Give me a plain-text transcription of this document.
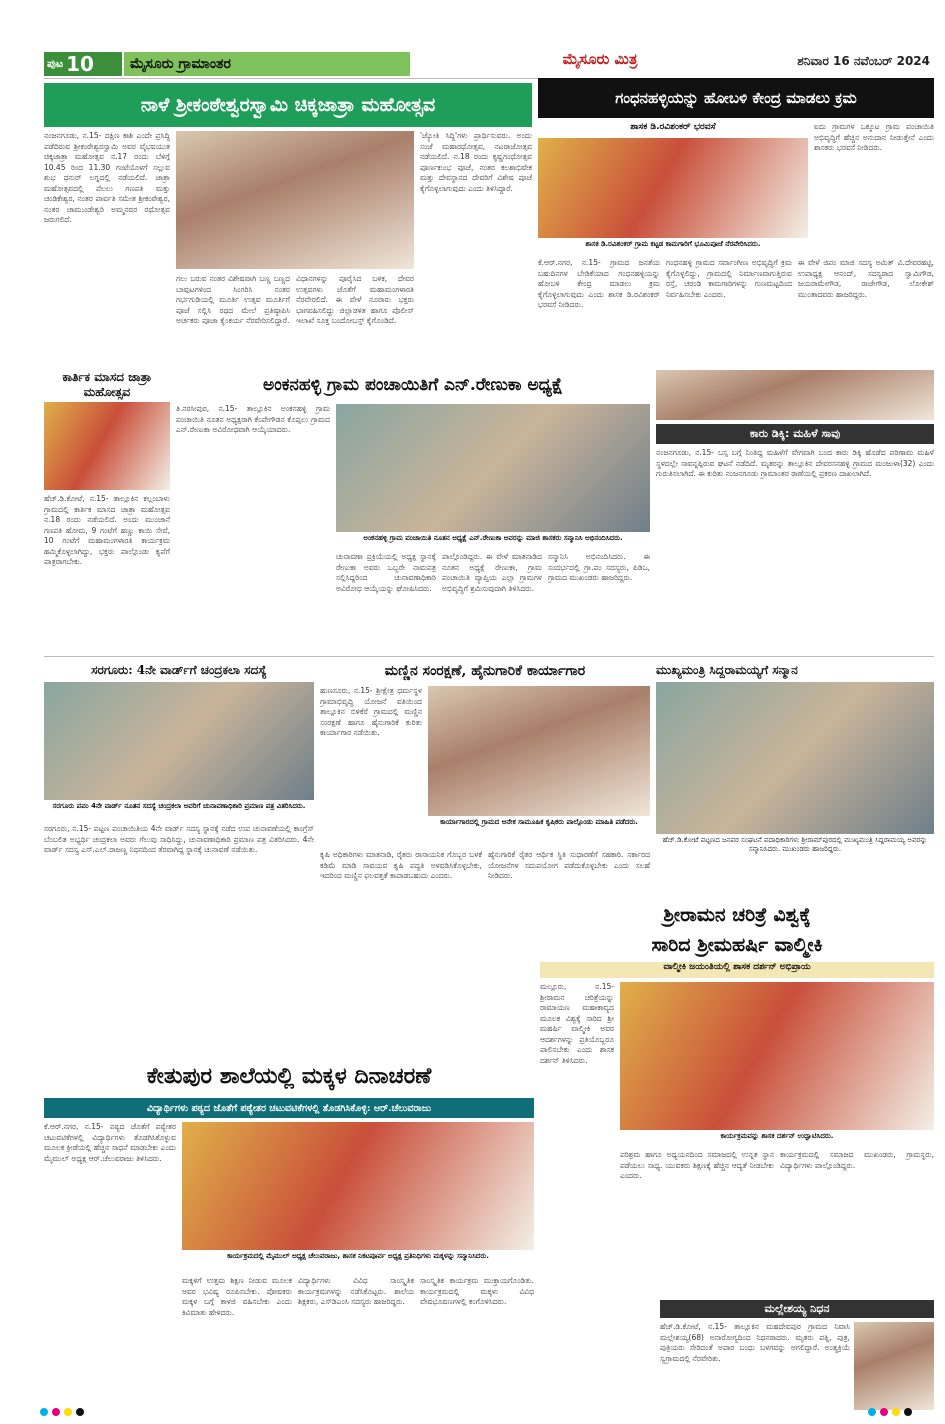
ಪುಟ 10	ಮೈಸೂರು ಗ್ರಾಮಾಂತರ	ಮೈಸೂರು ಮಿತ್ರ	ಶನಿವಾರ 16 ನವೆಂಬರ್ 2024
ನಾಳೆ ಶ್ರೀಕಂಠೇಶ್ವರಸ್ವಾಮಿ ಚಿಕ್ಕಜಾತ್ರಾ ಮಹೋತ್ಸವ
ನಂಜನಗೂಡು, ನ.15- ದಕ್ಷಿಣ ಕಾಶಿ ಎಂದೇ ಪ್ರಸಿದ್ಧಿ ಪಡೆದಿರುವ ಶ್ರೀಕಂಠೇಶ್ವರಸ್ವಾಮಿ ಅವರ ವೈಭವಯುತ ಚಿಕ್ಕಜಾತ್ರಾ ಮಹೋತ್ಸವ ನ.17 ರಂದು ಬೆಳಿಗ್ಗೆ 10.45 ರಿಂದ 11.30 ಗಂಟೆಯೊಳಗೆ ಸಲ್ಲುವ ಶುಭ ಧನುರ್ ಲಗ್ನದಲ್ಲಿ ನಡೆಯಲಿದೆ. ಜಾತ್ರಾ ಮಹೋತ್ಸವದಲ್ಲಿ ಪೆಲಲು ಗಣಪತಿ ಮತ್ತು ಚಂಡಿಕೇಶ್ವರ, ನಂತರ ಪಾರ್ವತಿ ಸಮೇತ ಶ್ರೀಕಂಠೇಶ್ವರ, ನಂತರ ಚಾಮುಂಡೇಶ್ವರಿ ಅಮ್ಮನವರ ರಥೋತ್ಸವ ಜರುಗಲಿದೆ.
ಗಲು ಬರುವ ನಂತರ ವಿಶೇಷವಾಗಿ ಬಣ್ಣ ಬಣ್ಣದ ಬಾವುಟಗಳಿಂದ ಸಿಂಗರಿಸಿ ನಂತರ ಗರ್ಭಗುಡಿಯಲ್ಲಿ ಮೂರ್ತಿ ಉತ್ಸವ ಮೂರ್ತಿಗೆ ಪೂಜೆ ಸಲ್ಲಿಸಿ ರಥದ ಮೇಲೆ ಪ್ರತಿಷ್ಠಾಪಿಸಿ ಅರ್ಚಕರು ಪೂಜಾ ಕೈಂಕರ್ಯ ನೆರವೇರಿಸಲಿದ್ದಾರೆ.
ವಿಧಾನಗಳನ್ನು ಪೂರೈಸಿದ ಬಳಿಕ, ದೇವರ ಉತ್ಸವಗಳು ಜೊತೆಗೆ ಮಹಾಮಂಗಳಾರತಿ ನೆರವೇರಲಿದೆ. ಈ ವೇಳೆ ನೂರಾರು ಭಕ್ತರು ಭಾಗವಹಿಸಲಿದ್ದು ಜಿಲ್ಲಾಡಳಿತ ಹಾಗೂ ಪೊಲೀಸ್ ಇಲಾಖೆ ಸೂಕ್ತ ಬಂದೋಬಸ್ತ್ ಕೈಗೊಂಡಿದೆ.
'ಜ್ಯೋತಿ ಸಿದ್ಧಿ'ಗಳು ಪ್ರಾರ್ಥಿಸುವರು. ಅಂದು ಸಂಜೆ ಮಹಾರಥೋತ್ಸವ, ನಟರಾಜೋತ್ಸವ ನಡೆಯಲಿದೆ. ನ.18 ರಂದು ಕೃಷ್ಣಗಂಧೋತ್ಸವ ಪೂರ್ಣಕುಂಭ ಪೂಜೆ, ನಂತರ ಕಲಶಾಭಿಷೇಕ ಮತ್ತು ದೇವಸ್ಥಾನದ ದೇವರಿಗೆ ವಿಶೇಷ ಪೂಜೆ ಕೈಗೊಳ್ಳಲಾಗುವುದು ಎಂದು ತಿಳಿಸಿದ್ದಾರೆ.
ಗಂಧನಹಳ್ಳಿಯನ್ನು ಹೋಬಳಿ ಕೇಂದ್ರ ಮಾಡಲು ಕ್ರಮ
ಶಾಸಕ ಡಿ.ರವಿಶಂಕರ್ ಭರವಸೆ
ಶಾಸಕ ಡಿ.ರವಿಶಂಕರ್ ಗ್ರಾಮ ಕಟ್ಟಡ ಕಾಮಗಾರಿಗೆ ಭೂಮಿಪೂಜೆ ನೆರವೇರಿಸಿದರು.
ಐದು ಗ್ರಾಮಗಳ ಒಕ್ಕೂಟ ಗ್ರಾಮ ಪಂಚಾಯಿತಿ ಅಭಿವೃದ್ಧಿಗೆ ಹೆಚ್ಚಿನ ಅನುದಾನ ನೀಡುತ್ತೇನೆ ಎಂದು ಶಾಸಕರು ಭರವಸೆ ನೀಡಿದರು.
ಕೆ.ಆರ್.ನಗರ, ನ.15- ಗ್ರಾಮದ ಜನತೆಯ ಬಹುದಿನಗಳ ಬೇಡಿಕೆಯಾದ ಗಂಧನಹಳ್ಳಿಯನ್ನು ಹೋಬಳಿ ಕೇಂದ್ರ ಮಾಡಲು ಕ್ರಮ ಕೈಗೊಳ್ಳಲಾಗುವುದು ಎಂದು ಶಾಸಕ ಡಿ.ರವಿಶಂಕರ್ ಭರವಸೆ ನೀಡಿದರು.
ಗಂಧನಹಳ್ಳಿ ಗ್ರಾಮದ ಸರ್ವಾಂಗೀಣ ಅಭಿವೃದ್ಧಿಗೆ ಕ್ರಮ ಕೈಗೊಳ್ಳಲಿದ್ದು, ಗ್ರಾಮದಲ್ಲಿ ನಿರ್ಮಾಣವಾಗುತ್ತಿರುವ ರಸ್ತೆ, ಚರಂಡಿ ಕಾಮಗಾರಿಗಳನ್ನು ಗುಣಮಟ್ಟದಿಂದ ನಿರ್ವಹಿಸಬೇಕು ಎಂದರು.
ಈ ವೇಳೆ ಜಿಪಂ ಮಾಜಿ ಸದಸ್ಯ ಅಮಿತ್ ವಿ.ದೇವರಹಟ್ಟಿ, ಉಪಾಧ್ಯಕ್ಷ ಆನಂದ್, ಸದಸ್ಯರಾದ ಸ್ವಾಮಿಗೌಡ, ಜಯರಾಮೇಗೌಡ, ರಾಜೇಗೌಡ, ಲೋಕೇಶ್ ಮುಂತಾದವರು ಹಾಜರಿದ್ದರು.
ಕಾರ್ತಿಕ ಮಾಸದ ಜಾತ್ರಾ ಮಹೋತ್ಸವ
ಹೆಚ್.ಡಿ.ಕೋಟೆ, ನ.15- ತಾಲ್ಲೂಕಿನ ಕಲ್ಲಂಬಾಳು ಗ್ರಾಮದಲ್ಲಿ ಕಾರ್ತಿಕ ಮಾಸದ ಜಾತ್ರಾ ಮಹೋತ್ಸವ ನ.18 ರಂದು ನಡೆಯಲಿದೆ. ಅಂದು ಮುಂಜಾನೆ ಗಣಪತಿ ಹೋಮ, 9 ಗಂಟೆಗೆ ಹಣ್ಣು ಕಾಯಿ ಸೇವೆ, 10 ಗಂಟೆಗೆ ಮಹಾಮಂಗಳಾರತಿ ಕಾರ್ಯಕ್ರಮ ಹಮ್ಮಿಕೊಳ್ಳಲಾಗಿದ್ದು, ಭಕ್ತರು ಪಾಲ್ಗೊಂಡು ಕೃಪೆಗೆ ಪಾತ್ರರಾಗಬೇಕು.
ಅಂಕನಹಳ್ಳಿ ಗ್ರಾಮ ಪಂಚಾಯಿತಿಗೆ ಎನ್.ರೇಣುಕಾ ಅಧ್ಯಕ್ಷೆ
ತಿ.ನರಸೀಪುರ, ನ.15- ತಾಲ್ಲೂಕಿನ ಅಂಕನಹಳ್ಳಿ ಗ್ರಾಮ ಪಂಚಾಯಿತಿ ನೂತನ ಅಧ್ಯಕ್ಷರಾಗಿ ಕೆಂಪೇಗೌಡನ ಕೊಪ್ಪಲು ಗ್ರಾಮದ ಎನ್.ರೇಣುಕಾ ಅವಿರೋಧವಾಗಿ ಆಯ್ಕೆಯಾದರು.
ಅಂಕನಹಳ್ಳಿ ಗ್ರಾಮ ಪಂಚಾಯಿತಿ ನೂತನ ಅಧ್ಯಕ್ಷೆ ಎನ್.ರೇಣುಕಾ ಅವರನ್ನು ಮಾಜಿ ಶಾಸಕರು ಸನ್ಮಾನಿಸಿ ಅಭಿನಂದಿಸಿದರು.
ಚುನಾವಣಾ ಪ್ರಕ್ರಿಯೆಯಲ್ಲಿ ಅಧ್ಯಕ್ಷ ಸ್ಥಾನಕ್ಕೆ ರೇಣುಕಾ ಅವರು ಒಬ್ಬರೇ ನಾಮಪತ್ರ ಸಲ್ಲಿಸಿದ್ದರಿಂದ ಚುನಾವಣಾಧಿಕಾರಿ ಅವಿರೋಧ ಆಯ್ಕೆಯನ್ನು ಘೋಷಿಸಿದರು.
ಪಾಲ್ಗೊಂಡಿದ್ದರು. ಈ ವೇಳೆ ಮಾತನಾಡಿದ ನೂತನ ಅಧ್ಯಕ್ಷೆ ರೇಣುಕಾ, ಗ್ರಾಮ ಪಂಚಾಯಿತಿ ವ್ಯಾಪ್ತಿಯ ಎಲ್ಲಾ ಗ್ರಾಮಗಳ ಅಭಿವೃದ್ಧಿಗೆ ಶ್ರಮಿಸುವುದಾಗಿ ತಿಳಿಸಿದರು.
ಸನ್ಮಾನಿಸಿ ಅಭಿನಂದಿಸಿದರು. ಈ ಸಂದರ್ಭದಲ್ಲಿ ಗ್ರಾ.ಪಂ ಸದಸ್ಯರು, ಪಿಡಿಒ, ಗ್ರಾಮದ ಮುಖಂಡರು ಹಾಜರಿದ್ದರು.
ಕಾರು ಡಿಕ್ಕಿ: ಮಹಿಳೆ ಸಾವು
ನಂಜನಗೂಡು, ನ.15- ಬಸ್ಸ ಬಗ್ಗೆ ನಿಂತಿದ್ದ ಮಹಿಳೆಗೆ ವೇಗವಾಗಿ ಬಂದ ಕಾರು ಡಿಕ್ಕಿ ಹೊಡೆದ ಪರಿಣಾಮ ಮಹಿಳೆ ಸ್ಥಳದಲ್ಲೇ ಸಾವನ್ನಪ್ಪಿರುವ ಘಟನೆ ನಡೆದಿದೆ. ಮೃತರನ್ನು ತಾಲ್ಲೂಕಿನ ದೇವರಸನಹಳ್ಳಿ ಗ್ರಾಮದ ಮಂಜುಳಾ(32) ಎಂದು ಗುರುತಿಸಲಾಗಿದೆ. ಈ ಕುರಿತು ನಂಜನಗೂಡು ಗ್ರಾಮಾಂತರ ಠಾಣೆಯಲ್ಲಿ ಪ್ರಕರಣ ದಾಖಲಾಗಿದೆ.
ಸರಗೂರು: 4ನೇ ವಾರ್ಡ್‌ಗೆ ಚಂದ್ರಕಲಾ ಸದಸ್ಯೆ
ಸರಗೂರು ಪಪಂ 4ನೇ ವಾರ್ಡ್ ನೂತನ ಸದಸ್ಯೆ ಚಂದ್ರಕಲಾ ಅವರಿಗೆ ಚುನಾವಣಾಧಿಕಾರಿ ಪ್ರಮಾಣ ಪತ್ರ ವಿತರಿಸಿದರು.
ಸರಗೂರು, ನ.15- ಪಟ್ಟಣ ಪಂಚಾಯಿತಿಯ 4ನೇ ವಾರ್ಡ್ ಸದಸ್ಯ ಸ್ಥಾನಕ್ಕೆ ನಡೆದ ಉಪ ಚುನಾವಣೆಯಲ್ಲಿ ಕಾಂಗ್ರೆಸ್ ಬೆಂಬಲಿತ ಅಭ್ಯರ್ಥಿ ಚಂದ್ರಕಲಾ ಅವರು ಗೆಲುವು ಸಾಧಿಸಿದ್ದು, ಚುನಾವಣಾಧಿಕಾರಿ ಪ್ರಮಾಣ ಪತ್ರ ವಿತರಿಸಿದರು. 4ನೇ ವಾರ್ಡ್ ಸದಸ್ಯ ಎಸ್.ಎಲ್.ರಾಜಣ್ಣ ನಿಧನದಿಂದ ತೆರವಾಗಿದ್ದ ಸ್ಥಾನಕ್ಕೆ ಚುನಾವಣೆ ನಡೆಯಿತು.
ಮಣ್ಣಿನ ಸಂರಕ್ಷಣೆ, ಹೈನುಗಾರಿಕೆ ಕಾರ್ಯಾಗಾರ
ಹುಣಸೂರು, ನ.15- ಶ್ರೀಕ್ಷೇತ್ರ ಧರ್ಮಸ್ಥಳ ಗ್ರಾಮಾಭಿವೃದ್ಧಿ ಯೋಜನೆ ವತಿಯಿಂದ ತಾಲ್ಲೂಕಿನ ಬಿಳಿಕೆರೆ ಗ್ರಾಮದಲ್ಲಿ ಮಣ್ಣಿನ ಸಂರಕ್ಷಣೆ ಹಾಗೂ ಹೈನುಗಾರಿಕೆ ಕುರಿತು ಕಾರ್ಯಾಗಾರ ನಡೆಯಿತು.
ಕಾರ್ಯಾಗಾರದಲ್ಲಿ ಗ್ರಾಮದ ಅನೇಕ ಸಾಮೂಹಿಕ ಕೃಷಿಕರು ಪಾಲ್ಗೊಂಡು ಮಾಹಿತಿ ಪಡೆದರು.
ಕೃಷಿ ಅಧಿಕಾರಿಗಳು ಮಾತನಾಡಿ, ರೈತರು ರಾಸಾಯನಿಕ ಗೊಬ್ಬರ ಬಳಕೆ ಕಡಿಮೆ ಮಾಡಿ ಸಾವಯವ ಕೃಷಿ ಪದ್ಧತಿ ಅಳವಡಿಸಿಕೊಳ್ಳಬೇಕು, ಇದರಿಂದ ಮಣ್ಣಿನ ಫಲವತ್ತತೆ ಕಾಪಾಡಬಹುದು ಎಂದರು.
ಹೈನುಗಾರಿಕೆ ರೈತರ ಆರ್ಥಿಕ ಸ್ಥಿತಿ ಸುಧಾರಣೆಗೆ ಸಹಕಾರಿ. ಸರ್ಕಾರದ ಯೋಜನೆಗಳ ಸದುಪಯೋಗ ಪಡೆದುಕೊಳ್ಳಬೇಕು ಎಂದು ಸಲಹೆ ನೀಡಿದರು.
ಮುಖ್ಯಮಂತ್ರಿ ಸಿದ್ದರಾಮಯ್ಯಗೆ ಸನ್ಮಾನ
ಹೆಚ್.ಡಿ.ಕೋಟೆ ಪಟ್ಟಣದ ಜನಪರ ಸಂಘಟನೆ ಪದಾಧಿಕಾರಿಗಳು ಶ್ರೀರಾಮ್‌ಪುರದಲ್ಲಿ ಮುಖ್ಯಮಂತ್ರಿ ಸಿದ್ದರಾಮಯ್ಯ ಅವರನ್ನು ಸನ್ಮಾನಿಸಿದರು. ಮುಖಂಡರು ಹಾಜರಿದ್ದರು.
ಶ್ರೀರಾಮನ ಚರಿತ್ರೆ ವಿಶ್ವಕ್ಕೆ
ಸಾರಿದ ಶ್ರೀಮಹರ್ಷಿ ವಾಲ್ಮೀಕಿ
ವಾಲ್ಮೀಕಿ ಜಯಂತಿಯಲ್ಲಿ ಶಾಸಕ ದರ್ಶನ್ ಅಭಿಪ್ರಾಯ
ಮಲ್ಲೂರು, ನ.15- ಶ್ರೀರಾಮನ ಚರಿತ್ರೆಯನ್ನು ರಾಮಾಯಣ ಮಹಾಕಾವ್ಯದ ಮೂಲಕ ವಿಶ್ವಕ್ಕೆ ಸಾರಿದ ಶ್ರೀ ಮಹರ್ಷಿ ವಾಲ್ಮೀಕಿ ಅವರ ಆದರ್ಶಗಳನ್ನು ಪ್ರತಿಯೊಬ್ಬರೂ ಪಾಲಿಸಬೇಕು ಎಂದು ಶಾಸಕ ದರ್ಶನ್ ತಿಳಿಸಿದರು.
ಕಾರ್ಯಕ್ರಮವನ್ನು ಶಾಸಕ ದರ್ಶನ್ ಉದ್ಘಾಟಿಸಿದರು.
ಪರಿಶ್ರಮ ಹಾಗೂ ಅಧ್ಯಯನದಿಂದ ಸಮಾಜದಲ್ಲಿ ಉನ್ನತ ಸ್ಥಾನ ಪಡೆಯಲು ಸಾಧ್ಯ. ಯುವಕರು ಶಿಕ್ಷಣಕ್ಕೆ ಹೆಚ್ಚಿನ ಆದ್ಯತೆ ನೀಡಬೇಕು ಎಂದರು.
ಕಾರ್ಯಕ್ರಮದಲ್ಲಿ ಸಮಾಜದ ಮುಖಂಡರು, ಗ್ರಾಮಸ್ಥರು, ವಿದ್ಯಾರ್ಥಿಗಳು ಪಾಲ್ಗೊಂಡಿದ್ದರು.
ಕೇತುಪುರ ಶಾಲೆಯಲ್ಲಿ ಮಕ್ಕಳ ದಿನಾಚರಣೆ
ವಿದ್ಯಾರ್ಥಿಗಳು ಪಠ್ಯದ ಜೊತೆಗೆ ಪಠ್ಯೇತರ ಚಟುವಟಿಕೆಗಳಲ್ಲಿ ತೊಡಗಿಸಿಕೊಳ್ಳಿ: ಆರ್.ಚೆಲುವರಾಜು
ಕೆ.ಆರ್.ನಗರ, ನ.15- ಪಠ್ಯದ ಜೊತೆಗೆ ಪಠ್ಯೇತರ ಚಟುವಟಿಕೆಗಳಲ್ಲಿ ವಿದ್ಯಾರ್ಥಿಗಳು ತೊಡಗಿಸಿಕೊಳ್ಳುವ ಮೂಲಕ ಕ್ರೀಡೆಯಲ್ಲಿ ಹೆಚ್ಚಿನ ಸಾಧನೆ ಮಾಡಬೇಕು ಎಂದು ಮೈಮುಲ್ ಅಧ್ಯಕ್ಷ ಆರ್.ಚೆಲುವರಾಜು ತಿಳಿಸಿದರು.
ಕಾರ್ಯಕ್ರಮದಲ್ಲಿ ಮೈಮುಲ್ ಅಧ್ಯಕ್ಷ ಚೆಲುವರಾಜು, ಶಾಸಕ ನಿಕಟಪೂರ್ವ ಅಧ್ಯಕ್ಷ ಪ್ರತಿನಿಧಿಗಳು ಮಕ್ಕಳನ್ನು ಸನ್ಮಾನಿಸಿದರು.
ಮಕ್ಕಳಿಗೆ ಉತ್ತಮ ಶಿಕ್ಷಣ ನೀಡುವ ಮೂಲಕ ಅವರ ಭವಿಷ್ಯ ರೂಪಿಸಬೇಕು. ಪೋಷಕರು ಮಕ್ಕಳ ಬಗ್ಗೆ ಕಾಳಜಿ ವಹಿಸಬೇಕು ಎಂದು ಕಿವಿಮಾತು ಹೇಳಿದರು.
ವಿದ್ಯಾರ್ಥಿಗಳು ವಿವಿಧ ಸಾಂಸ್ಕೃತಿಕ ಕಾರ್ಯಕ್ರಮಗಳನ್ನು ನಡೆಸಿಕೊಟ್ಟರು. ಶಾಲೆಯ ಶಿಕ್ಷಕರು, ಎಸ್‌ಡಿಎಂಸಿ ಸದಸ್ಯರು ಹಾಜರಿದ್ದರು.
ಸಾಂಸ್ಕೃತಿಕ ಕಾರ್ಯಕ್ರಮ ಮುಕ್ತಾಯಗೊಂಡಿತು. ಕಾರ್ಯಕ್ರಮದಲ್ಲಿ ಮಕ್ಕಳು ವಿವಿಧ ವೇಷಭೂಷಣಗಳಲ್ಲಿ ಕಂಗೊಳಿಸಿದರು.
ಮಲ್ಲೇಶಯ್ಯ ನಿಧನ
ಹೆಚ್.ಡಿ.ಕೋಟೆ, ನ.15- ತಾಲ್ಲೂಕಿನ ಮಹದೇವಪುರ ಗ್ರಾಮದ ನಿವಾಸಿ ಮಲ್ಲೇಶಯ್ಯ(68) ಅನಾರೋಗ್ಯದಿಂದ ನಿಧನರಾದರು. ಮೃತರು ಪತ್ನಿ, ಪುತ್ರ, ಪುತ್ರಿಯರು ಸೇರಿದಂತೆ ಅಪಾರ ಬಂಧು ಬಳಗವನ್ನು ಅಗಲಿದ್ದಾರೆ. ಅಂತ್ಯಕ್ರಿಯೆ ಸ್ವಗ್ರಾಮದಲ್ಲಿ ನೆರವೇರಿತು.
